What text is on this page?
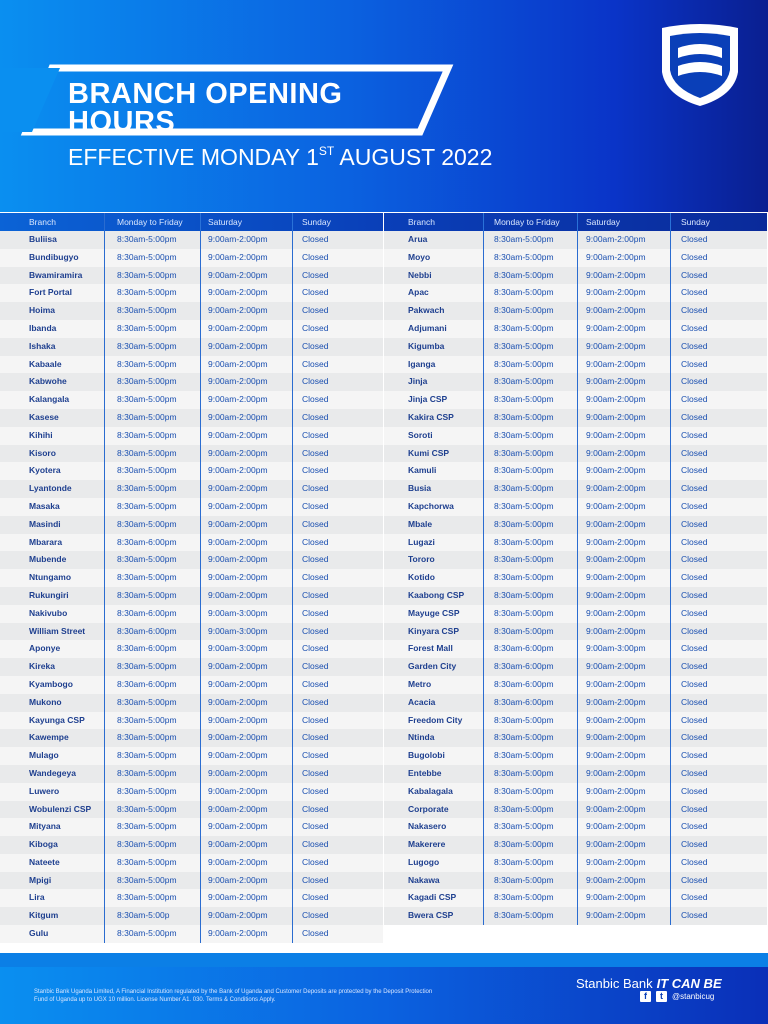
BRANCH OPENING
HOURS
EFFECTIVE MONDAY 1ST AUGUST 2022
Branch	Monday to Friday	Saturday	Sunday
Buliisa	8:30am-5:00pm	9:00am-2:00pm	Closed
Bundibugyo	8:30am-5:00pm	9:00am-2:00pm	Closed
Bwamiramira	8:30am-5:00pm	9:00am-2:00pm	Closed
Fort Portal	8:30am-5:00pm	9:00am-2:00pm	Closed
Hoima	8:30am-5:00pm	9:00am-2:00pm	Closed
Ibanda	8:30am-5:00pm	9:00am-2:00pm	Closed
Ishaka	8:30am-5:00pm	9:00am-2:00pm	Closed
Kabaale	8:30am-5:00pm	9:00am-2:00pm	Closed
Kabwohe	8:30am-5:00pm	9:00am-2:00pm	Closed
Kalangala	8:30am-5:00pm	9:00am-2:00pm	Closed
Kasese	8:30am-5:00pm	9:00am-2:00pm	Closed
Kihihi	8:30am-5:00pm	9:00am-2:00pm	Closed
Kisoro	8:30am-5:00pm	9:00am-2:00pm	Closed
Kyotera	8:30am-5:00pm	9:00am-2:00pm	Closed
Lyantonde	8:30am-5:00pm	9:00am-2:00pm	Closed
Masaka	8:30am-5:00pm	9:00am-2:00pm	Closed
Masindi	8:30am-5:00pm	9:00am-2:00pm	Closed
Mbarara	8:30am-6:00pm	9:00am-2:00pm	Closed
Mubende	8:30am-5:00pm	9:00am-2:00pm	Closed
Ntungamo	8:30am-5:00pm	9:00am-2:00pm	Closed
Rukungiri	8:30am-5:00pm	9:00am-2:00pm	Closed
Nakivubo	8:30am-6:00pm	9:00am-3:00pm	Closed
William Street	8:30am-6:00pm	9:00am-3:00pm	Closed
Aponye	8:30am-6:00pm	9:00am-3:00pm	Closed
Kireka	8:30am-5:00pm	9:00am-2:00pm	Closed
Kyambogo	8:30am-6:00pm	9:00am-2:00pm	Closed
Mukono	8:30am-5:00pm	9:00am-2:00pm	Closed
Kayunga CSP	8:30am-5:00pm	9:00am-2:00pm	Closed
Kawempe	8:30am-5:00pm	9:00am-2:00pm	Closed
Mulago	8:30am-5:00pm	9:00am-2:00pm	Closed
Wandegeya	8:30am-5:00pm	9:00am-2:00pm	Closed
Luwero	8:30am-5:00pm	9:00am-2:00pm	Closed
Wobulenzi CSP	8:30am-5:00pm	9:00am-2:00pm	Closed
Mityana	8:30am-5:00pm	9:00am-2:00pm	Closed
Kiboga	8:30am-5:00pm	9:00am-2:00pm	Closed
Nateete	8:30am-5:00pm	9:00am-2:00pm	Closed
Mpigi	8:30am-5:00pm	9:00am-2:00pm	Closed
Lira	8:30am-5:00pm	9:00am-2:00pm	Closed
Kitgum	8:30am-5:00p	9:00am-2:00pm	Closed
Gulu	8:30am-5:00pm	9:00am-2:00pm	Closed
Branch	Monday to Friday	Saturday	Sunday
Arua	8:30am-5:00pm	9:00am-2:00pm	Closed
Moyo	8:30am-5:00pm	9:00am-2:00pm	Closed
Nebbi	8:30am-5:00pm	9:00am-2:00pm	Closed
Apac	8:30am-5:00pm	9:00am-2:00pm	Closed
Pakwach	8:30am-5:00pm	9:00am-2:00pm	Closed
Adjumani	8:30am-5:00pm	9:00am-2:00pm	Closed
Kigumba	8:30am-5:00pm	9:00am-2:00pm	Closed
Iganga	8:30am-5:00pm	9:00am-2:00pm	Closed
Jinja	8:30am-5:00pm	9:00am-2:00pm	Closed
Jinja CSP	8:30am-5:00pm	9:00am-2:00pm	Closed
Kakira CSP	8:30am-5:00pm	9:00am-2:00pm	Closed
Soroti	8:30am-5:00pm	9:00am-2:00pm	Closed
Kumi CSP	8:30am-5:00pm	9:00am-2:00pm	Closed
Kamuli	8:30am-5:00pm	9:00am-2:00pm	Closed
Busia	8:30am-5:00pm	9:00am-2:00pm	Closed
Kapchorwa	8:30am-5:00pm	9:00am-2:00pm	Closed
Mbale	8:30am-5:00pm	9:00am-2:00pm	Closed
Lugazi	8:30am-5:00pm	9:00am-2:00pm	Closed
Tororo	8:30am-5:00pm	9:00am-2:00pm	Closed
Kotido	8:30am-5:00pm	9:00am-2:00pm	Closed
Kaabong CSP	8:30am-5:00pm	9:00am-2:00pm	Closed
Mayuge CSP	8:30am-5:00pm	9:00am-2:00pm	Closed
Kinyara CSP	8:30am-5:00pm	9:00am-2:00pm	Closed
Forest Mall	8:30am-6:00pm	9:00am-3:00pm	Closed
Garden City	8:30am-6:00pm	9:00am-2:00pm	Closed
Metro	8:30am-6:00pm	9:00am-2:00pm	Closed
Acacia	8:30am-6:00pm	9:00am-2:00pm	Closed
Freedom City	8:30am-5:00pm	9:00am-2:00pm	Closed
Ntinda	8:30am-5:00pm	9:00am-2:00pm	Closed
Bugolobi	8:30am-5:00pm	9:00am-2:00pm	Closed
Entebbe	8:30am-5:00pm	9:00am-2:00pm	Closed
Kabalagala	8:30am-5:00pm	9:00am-2:00pm	Closed
Corporate	8:30am-5:00pm	9:00am-2:00pm	Closed
Nakasero	8:30am-5:00pm	9:00am-2:00pm	Closed
Makerere	8:30am-5:00pm	9:00am-2:00pm	Closed
Lugogo	8:30am-5:00pm	9:00am-2:00pm	Closed
Nakawa	8:30am-5:00pm	9:00am-2:00pm	Closed
Kagadi CSP	8:30am-5:00pm	9:00am-2:00pm	Closed
Bwera CSP	8:30am-5:00pm	9:00am-2:00pm	Closed
Stanbic Bank Uganda Limited, A Financial Institution regulated by the Bank of Uganda and Customer Deposits are protected by the Deposit Protection Fund of Uganda up to UGX 10 million. License Number A1. 030. Terms & Conditions Apply.
Stanbic Bank IT CAN BE
f	t	@stanbicug
